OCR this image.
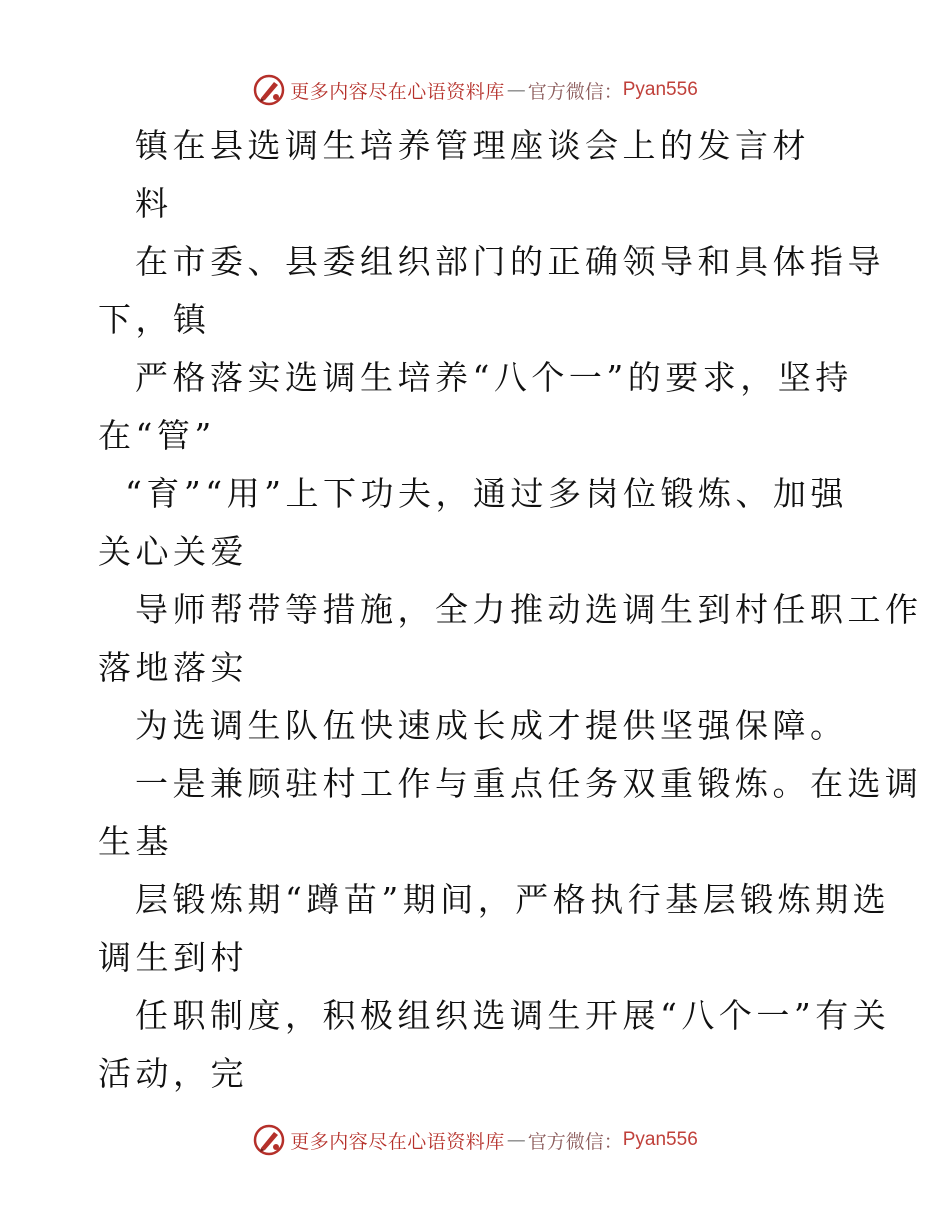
更多内容尽在心语资料库 — 官方微信： Pyan556
镇在县选调生培养管理座谈会上的发言材
料
在市委、县委组织部门的正确领导和具体指导
下，镇
严格落实选调生培养“八个一”的要求，坚持
在“管”
“育”“用”上下功夫，通过多岗位锻炼、加强
关心关爱
导师帮带等措施，全力推动选调生到村任职工作
落地落实
为选调生队伍快速成长成才提供坚强保障。
一是兼顾驻村工作与重点任务双重锻炼。在选调
生基
层锻炼期“蹲苗”期间，严格执行基层锻炼期选
调生到村
任职制度，积极组织选调生开展“八个一”有关
活动，完
更多内容尽在心语资料库 — 官方微信： Pyan556
